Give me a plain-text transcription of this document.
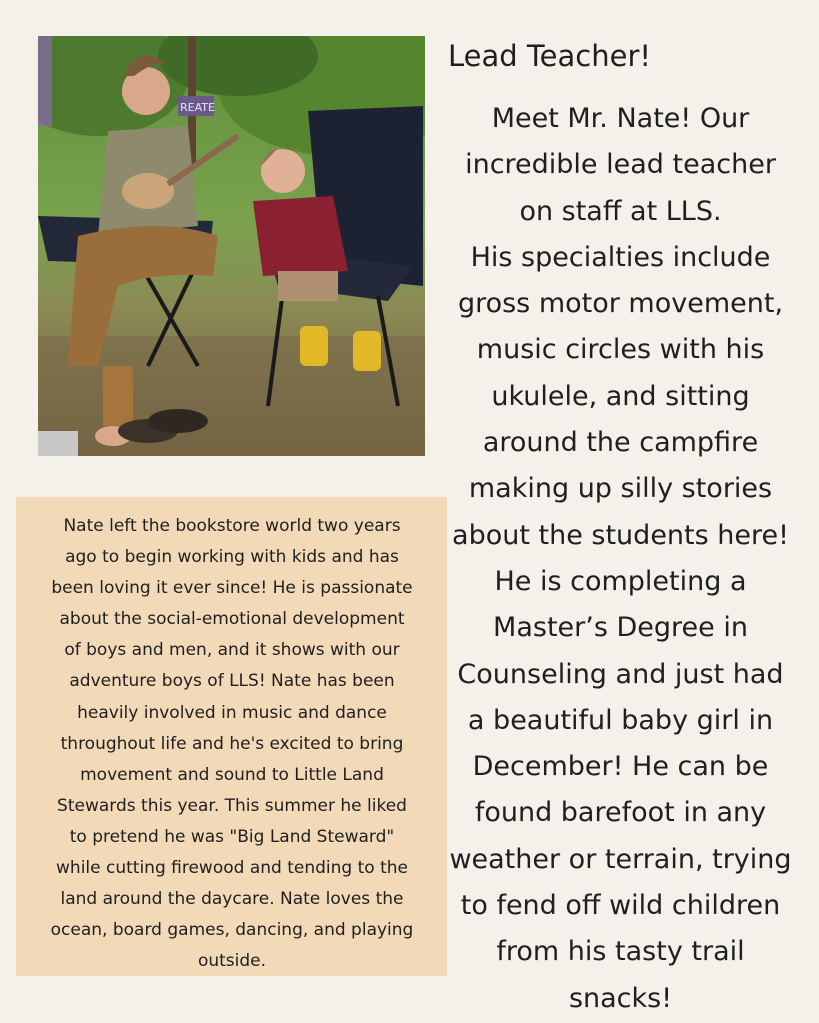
REATE
Lead Teacher!
Meet Mr. Nate! Our
incredible lead teacher
on staff at LLS.
His specialties include
gross motor movement,
music circles with his
ukulele, and sitting
around the campfire
making up silly stories
about the students here!
He is completing a
Master’s Degree in
Counseling and just had
a beautiful baby girl in
December! He can be
found barefoot in any
weather or terrain, trying
to fend off wild children
from his tasty trail
snacks!
Nate left the bookstore world two years
ago to begin working with kids and has
been loving it ever since! He is passionate
about the social-emotional development
of boys and men, and it shows with our
adventure boys of LLS! Nate has been
heavily involved in music and dance
throughout life and he's excited to bring
movement and sound to Little Land
Stewards this year. This summer he liked
to pretend he was "Big Land Steward"
while cutting firewood and tending to the
land around the daycare. Nate loves the
ocean, board games, dancing, and playing
outside.
